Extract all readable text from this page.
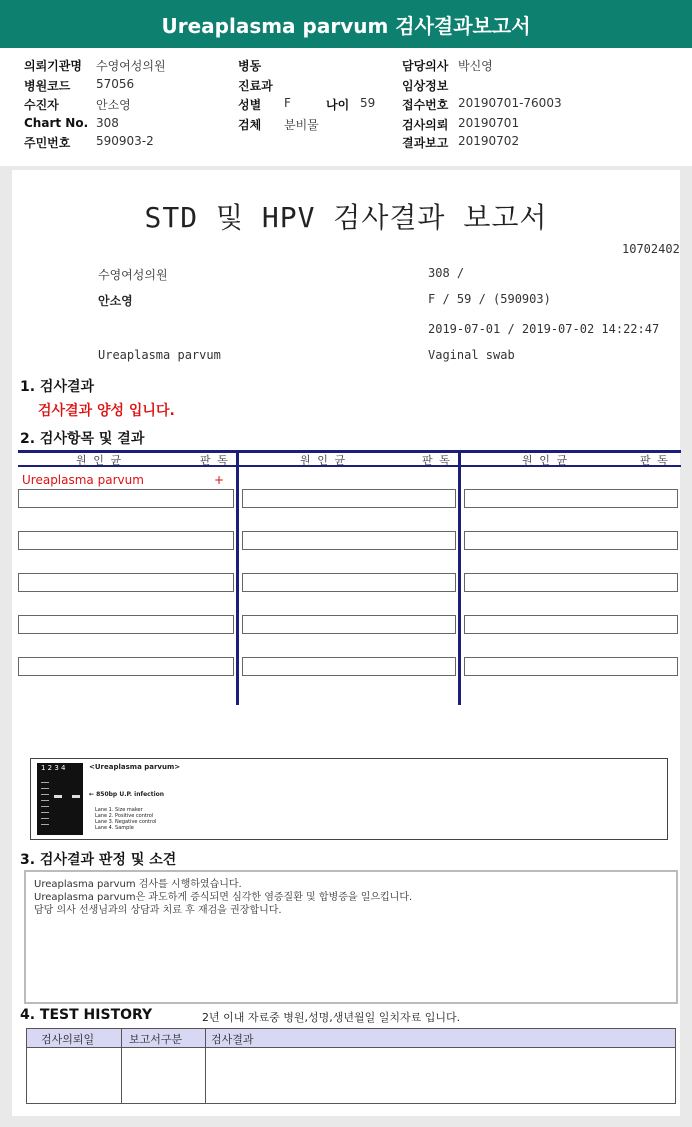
Ureaplasma parvum 검사결과보고서
의뢰기관명 수영여성의원
병원코드 57056
수진자	안소영
Chart No. 308
주민번호 590903-2
병동
진료과
성별 F	나이 59
검체 분비물
담당의사 박신영
임상정보
접수번호 20190701-76003
검사의뢰 20190701
결과보고 20190702
STD 및 HPV 검사결과 보고서
10702402
수영여성의원	308 /
안소영	F / 59 / (590903)
2019-07-01 / 2019-07-02 14:22:47
Ureaplasma parvum	Vaginal swab
1. 검사결과
검사결과 양성 입니다.
2. 검사항목 및 결과
원 인 균	판 독	원 인 균	판 독	원 인 균	판 독
Ureaplasma parvum	+
1 2 3 4	<Ureaplasma parvum>
← 850bp U.P. infection
Lane 1. Size maker
Lane 2. Positive control
Lane 3. Negative control
Lane 4. Sample
3. 검사결과 판정 및 소견
Ureaplasma parvum 검사를 시행하였습니다.
Ureaplasma parvum은 과도하게 증식되면 심각한 염증질환 및 합병증을 일으킵니다.
담당 의사 선생님과의 상담과 치료 후 재검을 권장합니다.
4. TEST HISTORY	2년 이내 자료중 병원,성명,생년월일 일치자료 입니다.
검사의뢰일	보고서구분	검사결과
